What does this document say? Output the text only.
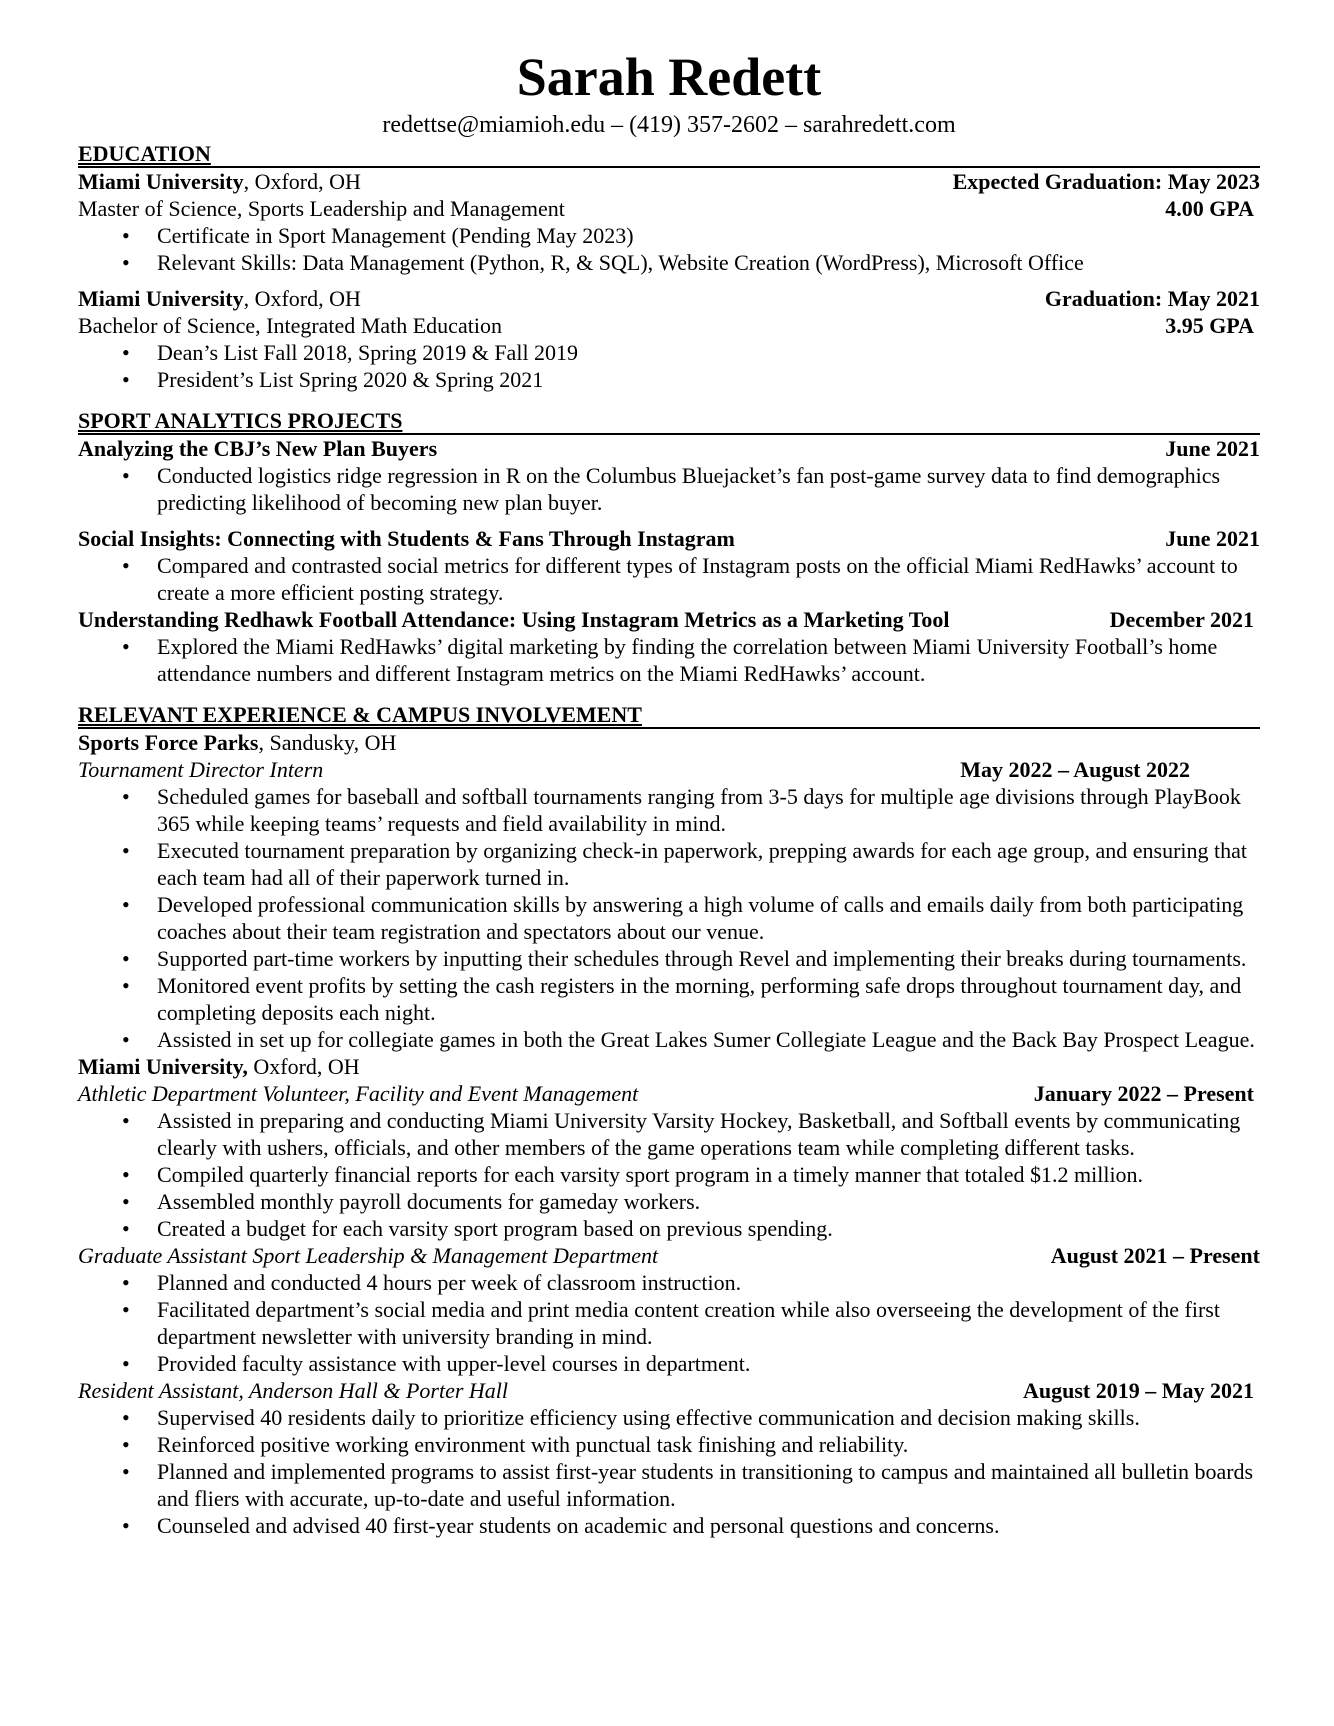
Sarah Redett
redettse@miamioh.edu – (419) 357-2602 – sarahredett.com
EDUCATION
Miami University, Oxford, OH	Expected Graduation: May 2023
Master of Science, Sports Leadership and Management	4.00 GPA
• Certificate in Sport Management (Pending May 2023)
• Relevant Skills: Data Management (Python, R, & SQL), Website Creation (WordPress), Microsoft Office
Miami University, Oxford, OH	Graduation: May 2021
Bachelor of Science, Integrated Math Education	3.95 GPA
• Dean’s List Fall 2018, Spring 2019 & Fall 2019
• President’s List Spring 2020 & Spring 2021
SPORT ANALYTICS PROJECTS
Analyzing the CBJ’s New Plan Buyers	June 2021
• Conducted logistics ridge regression in R on the Columbus Bluejacket’s fan post-game survey data to find demographics predicting likelihood of becoming new plan buyer.
Social Insights: Connecting with Students & Fans Through Instagram	June 2021
• Compared and contrasted social metrics for different types of Instagram posts on the official Miami RedHawks’ account to create a more efficient posting strategy.
Understanding Redhawk Football Attendance: Using Instagram Metrics as a Marketing Tool	December 2021
• Explored the Miami RedHawks’ digital marketing by finding the correlation between Miami University Football’s home attendance numbers and different Instagram metrics on the Miami RedHawks’ account.
RELEVANT EXPERIENCE & CAMPUS INVOLVEMENT
Sports Force Parks, Sandusky, OH
Tournament Director Intern	May 2022 – August 2022
• Scheduled games for baseball and softball tournaments ranging from 3-5 days for multiple age divisions through PlayBook 365 while keeping teams’ requests and field availability in mind.
• Executed tournament preparation by organizing check-in paperwork, prepping awards for each age group, and ensuring that each team had all of their paperwork turned in.
• Developed professional communication skills by answering a high volume of calls and emails daily from both participating coaches about their team registration and spectators about our venue.
• Supported part-time workers by inputting their schedules through Revel and implementing their breaks during tournaments.
• Monitored event profits by setting the cash registers in the morning, performing safe drops throughout tournament day, and completing deposits each night.
• Assisted in set up for collegiate games in both the Great Lakes Sumer Collegiate League and the Back Bay Prospect League.
Miami University, Oxford, OH
Athletic Department Volunteer, Facility and Event Management	January 2022 – Present
• Assisted in preparing and conducting Miami University Varsity Hockey, Basketball, and Softball events by communicating clearly with ushers, officials, and other members of the game operations team while completing different tasks.
• Compiled quarterly financial reports for each varsity sport program in a timely manner that totaled $1.2 million.
• Assembled monthly payroll documents for gameday workers.
• Created a budget for each varsity sport program based on previous spending.
Graduate Assistant Sport Leadership & Management Department	August 2021 – Present
• Planned and conducted 4 hours per week of classroom instruction.
• Facilitated department’s social media and print media content creation while also overseeing the development of the first department newsletter with university branding in mind.
• Provided faculty assistance with upper-level courses in department.
Resident Assistant, Anderson Hall & Porter Hall	August 2019 – May 2021
• Supervised 40 residents daily to prioritize efficiency using effective communication and decision making skills.
• Reinforced positive working environment with punctual task finishing and reliability.
• Planned and implemented programs to assist first-year students in transitioning to campus and maintained all bulletin boards and fliers with accurate, up-to-date and useful information.
• Counseled and advised 40 first-year students on academic and personal questions and concerns.
